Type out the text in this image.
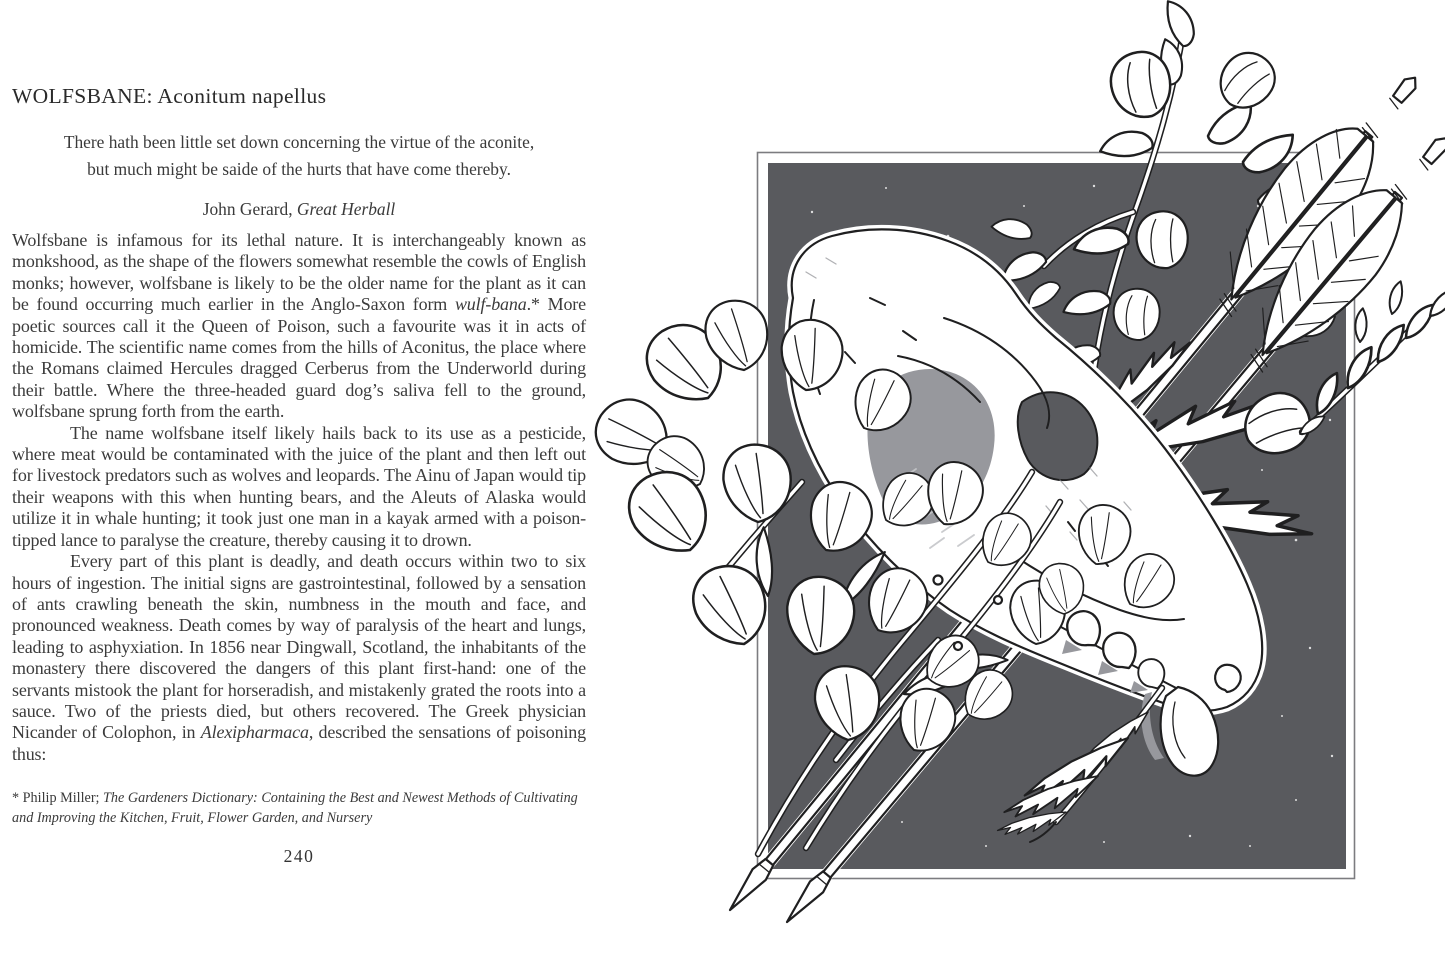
WOLFSBANE: Aconitum napellus
There hath been little set down concerning the virtue of the aconite,
but much might be saide of the hurts that have come thereby.
John Gerard, Great Herball

Wolfsbane is infamous for its lethal nature. It is interchangeably known as monkshood, as the shape of the flowers somewhat resemble the cowls of English monks; however, wolfsbane is likely to be the older name for the plant as it can be found occurring much earlier in the Anglo-Saxon form wulf-bana.* More poetic sources call it the Queen of Poison, such a favourite was it in acts of homicide. The scientific name comes from the hills of Aconitus, the place where the Romans claimed Hercules dragged Cerberus from the Underworld during their battle. Where the three-headed guard dog’s saliva fell to the ground, wolfsbane sprung forth from the earth.

The name wolfsbane itself likely hails back to its use as a pesticide, where meat would be contaminated with the juice of the plant and then left out for livestock predators such as wolves and leopards. The Ainu of Japan would tip their weapons with this when hunting bears, and the Aleuts of Alaska would utilize it in whale hunting; it took just one man in a kayak armed with a poison-tipped lance to paralyse the creature, thereby causing it to drown.

Every part of this plant is deadly, and death occurs within two to six hours of ingestion. The initial signs are gastrointestinal, followed by a sensation of ants crawling beneath the skin, numbness in the mouth and face, and pronounced weakness. Death comes by way of paralysis of the heart and lungs, leading to asphyxiation. In 1856 near Dingwall, Scotland, the inhabitants of the monastery there discovered the dangers of this plant first-hand: one of the servants mistook the plant for horseradish, and mistakenly grated the roots into a sauce. Two of the priests died, but others recovered. The Greek physician Nicander of Colophon, in Alexipharmaca, described the sensations of poisoning thus:

* Philip Miller; The Gardeners Dictionary: Containing the Best and Newest Methods of Cultivating and Improving the Kitchen, Fruit, Flower Garden, and Nursery
240
